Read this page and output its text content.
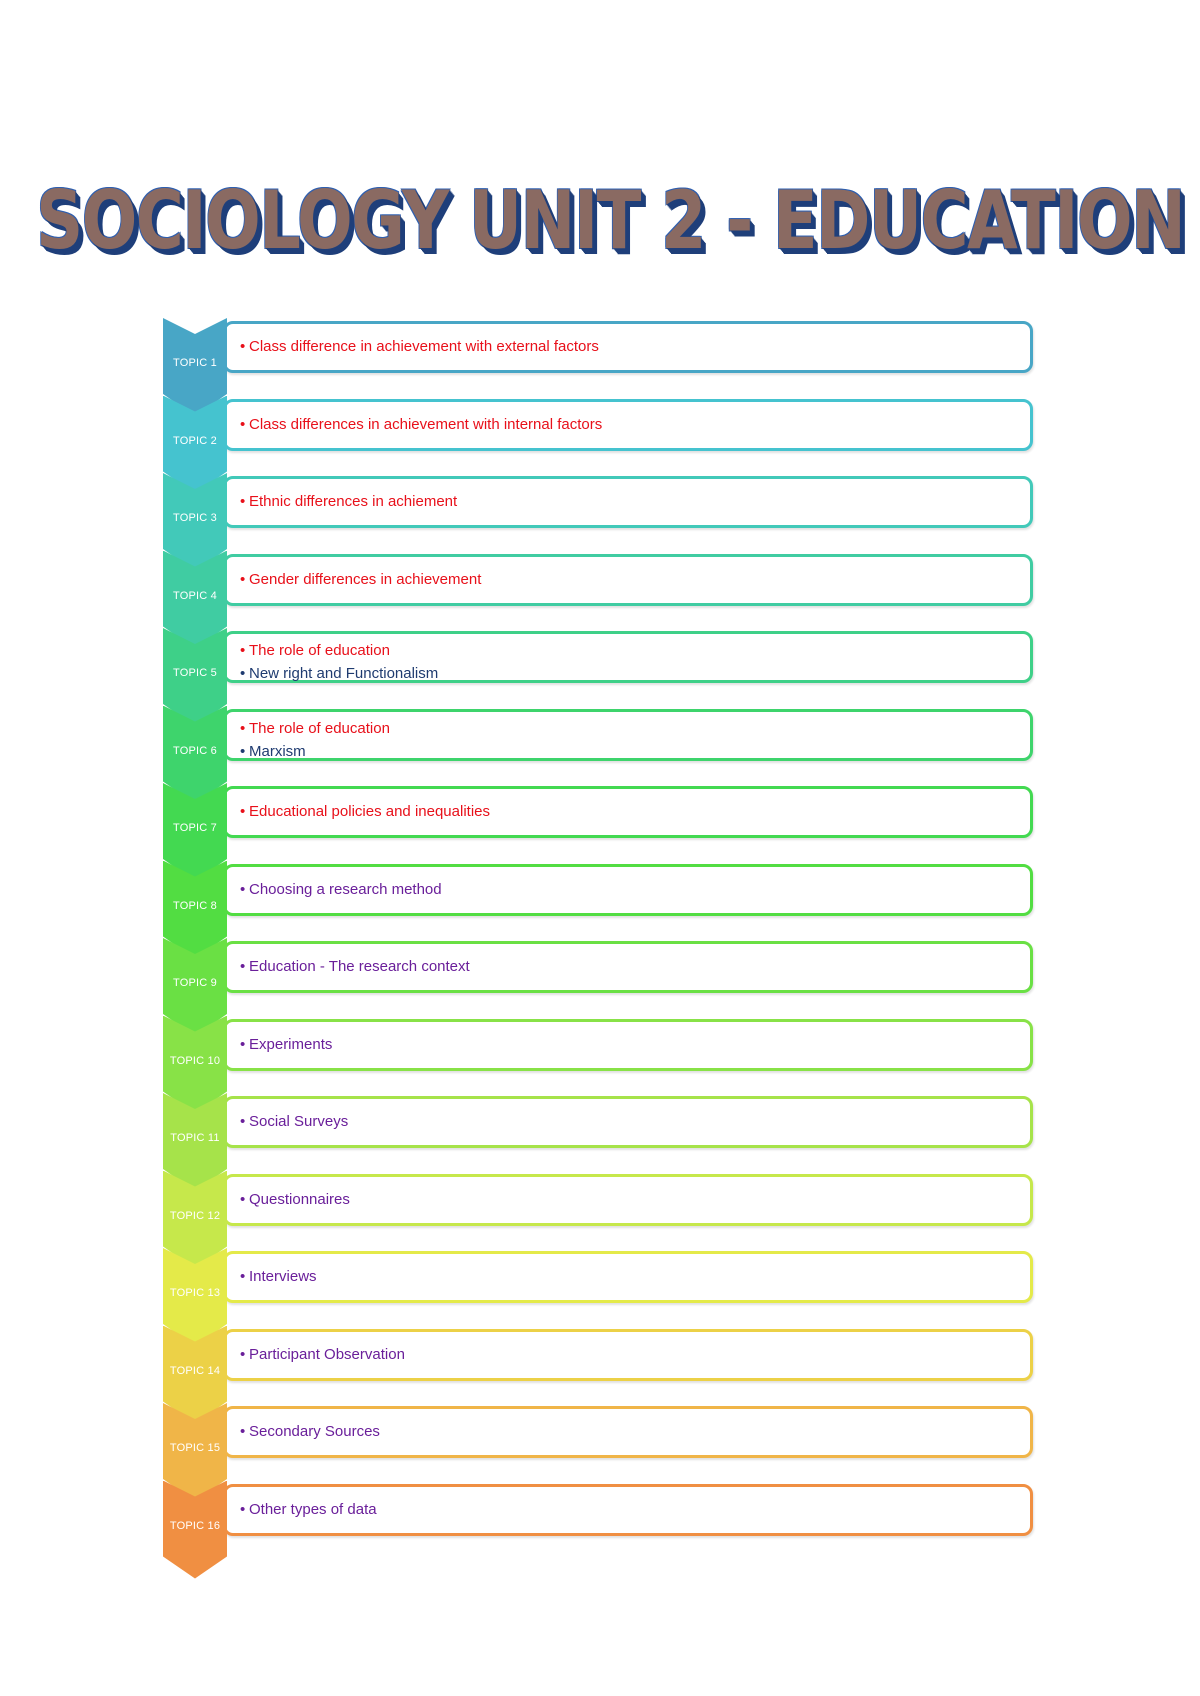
SOCIOLOGY UNIT 2 - EDUCATION
TOPIC 1
• Class difference in achievement with external factors
TOPIC 2
• Class differences in achievement with internal factors
TOPIC 3
• Ethnic differences in achiement
TOPIC 4
• Gender differences in achievement
TOPIC 5
• The role of education
• New right and Functionalism
TOPIC 6
• The role of education
• Marxism
TOPIC 7
• Educational policies and inequalities
TOPIC 8
• Choosing a research method
TOPIC 9
• Education - The research context
TOPIC 10
• Experiments
TOPIC 11
• Social Surveys
TOPIC 12
• Questionnaires
TOPIC 13
• Interviews
TOPIC 14
• Participant Observation
TOPIC 15
• Secondary Sources
TOPIC 16
• Other types of data
